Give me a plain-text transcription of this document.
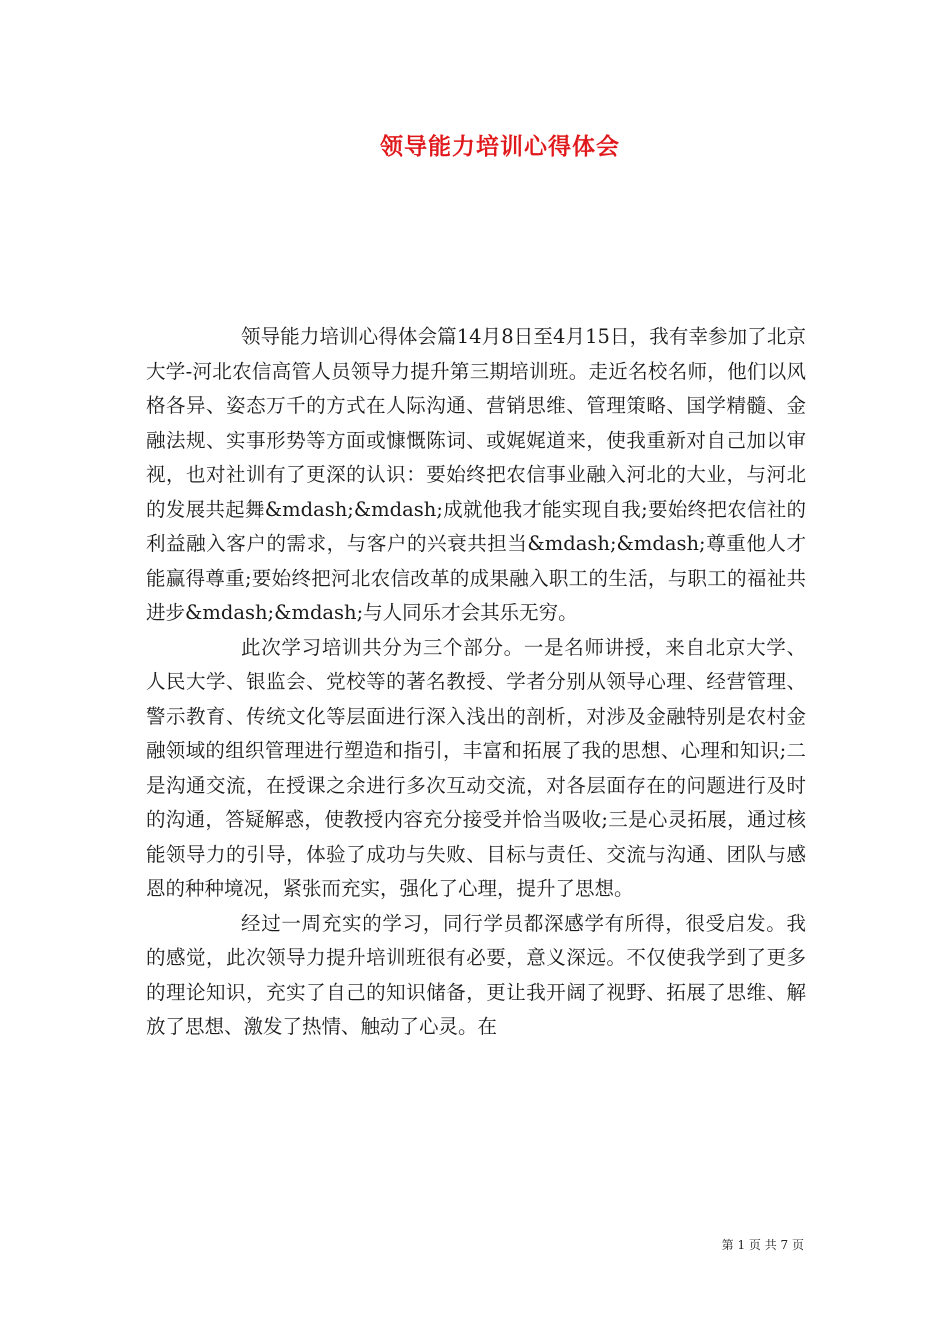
领导能力培训心得体会

领导能力培训心得体会篇14月8日至4月15日，我有幸参加了北京大学-河北农信高管人员领导力提升第三期培训班。走近名校名师，他们以风格各异、姿态万千的方式在人际沟通、营销思维、管理策略、国学精髓、金融法规、实事形势等方面或慷慨陈词、或娓娓道来，使我重新对自己加以审视，也对社训有了更深的认识：要始终把农信事业融入河北的大业，与河北的发展共起舞&mdash;&mdash;成就他我才能实现自我;要始终把农信社的利益融入客户的需求，与客户的兴衰共担当&mdash;&mdash;尊重他人才能赢得尊重;要始终把河北农信改革的成果融入职工的生活，与职工的福祉共进步&mdash;&mdash;与人同乐才会其乐无穷。

此次学习培训共分为三个部分。一是名师讲授，来自北京大学、人民大学、银监会、党校等的著名教授、学者分别从领导心理、经营管理、警示教育、传统文化等层面进行深入浅出的剖析，对涉及金融特别是农村金融领域的组织管理进行塑造和指引，丰富和拓展了我的思想、心理和知识;二是沟通交流，在授课之余进行多次互动交流，对各层面存在的问题进行及时的沟通，答疑解惑，使教授内容充分接受并恰当吸收;三是心灵拓展，通过核能领导力的引导，体验了成功与失败、目标与责任、交流与沟通、团队与感恩的种种境况，紧张而充实，强化了心理，提升了思想。

经过一周充实的学习，同行学员都深感学有所得，很受启发。我的感觉，此次领导力提升培训班很有必要，意义深远。不仅使我学到了更多的理论知识，充实了自己的知识储备，更让我开阔了视野、拓展了思维、解放了思想、激发了热情、触动了心灵。在

第 1 页 共 7 页
